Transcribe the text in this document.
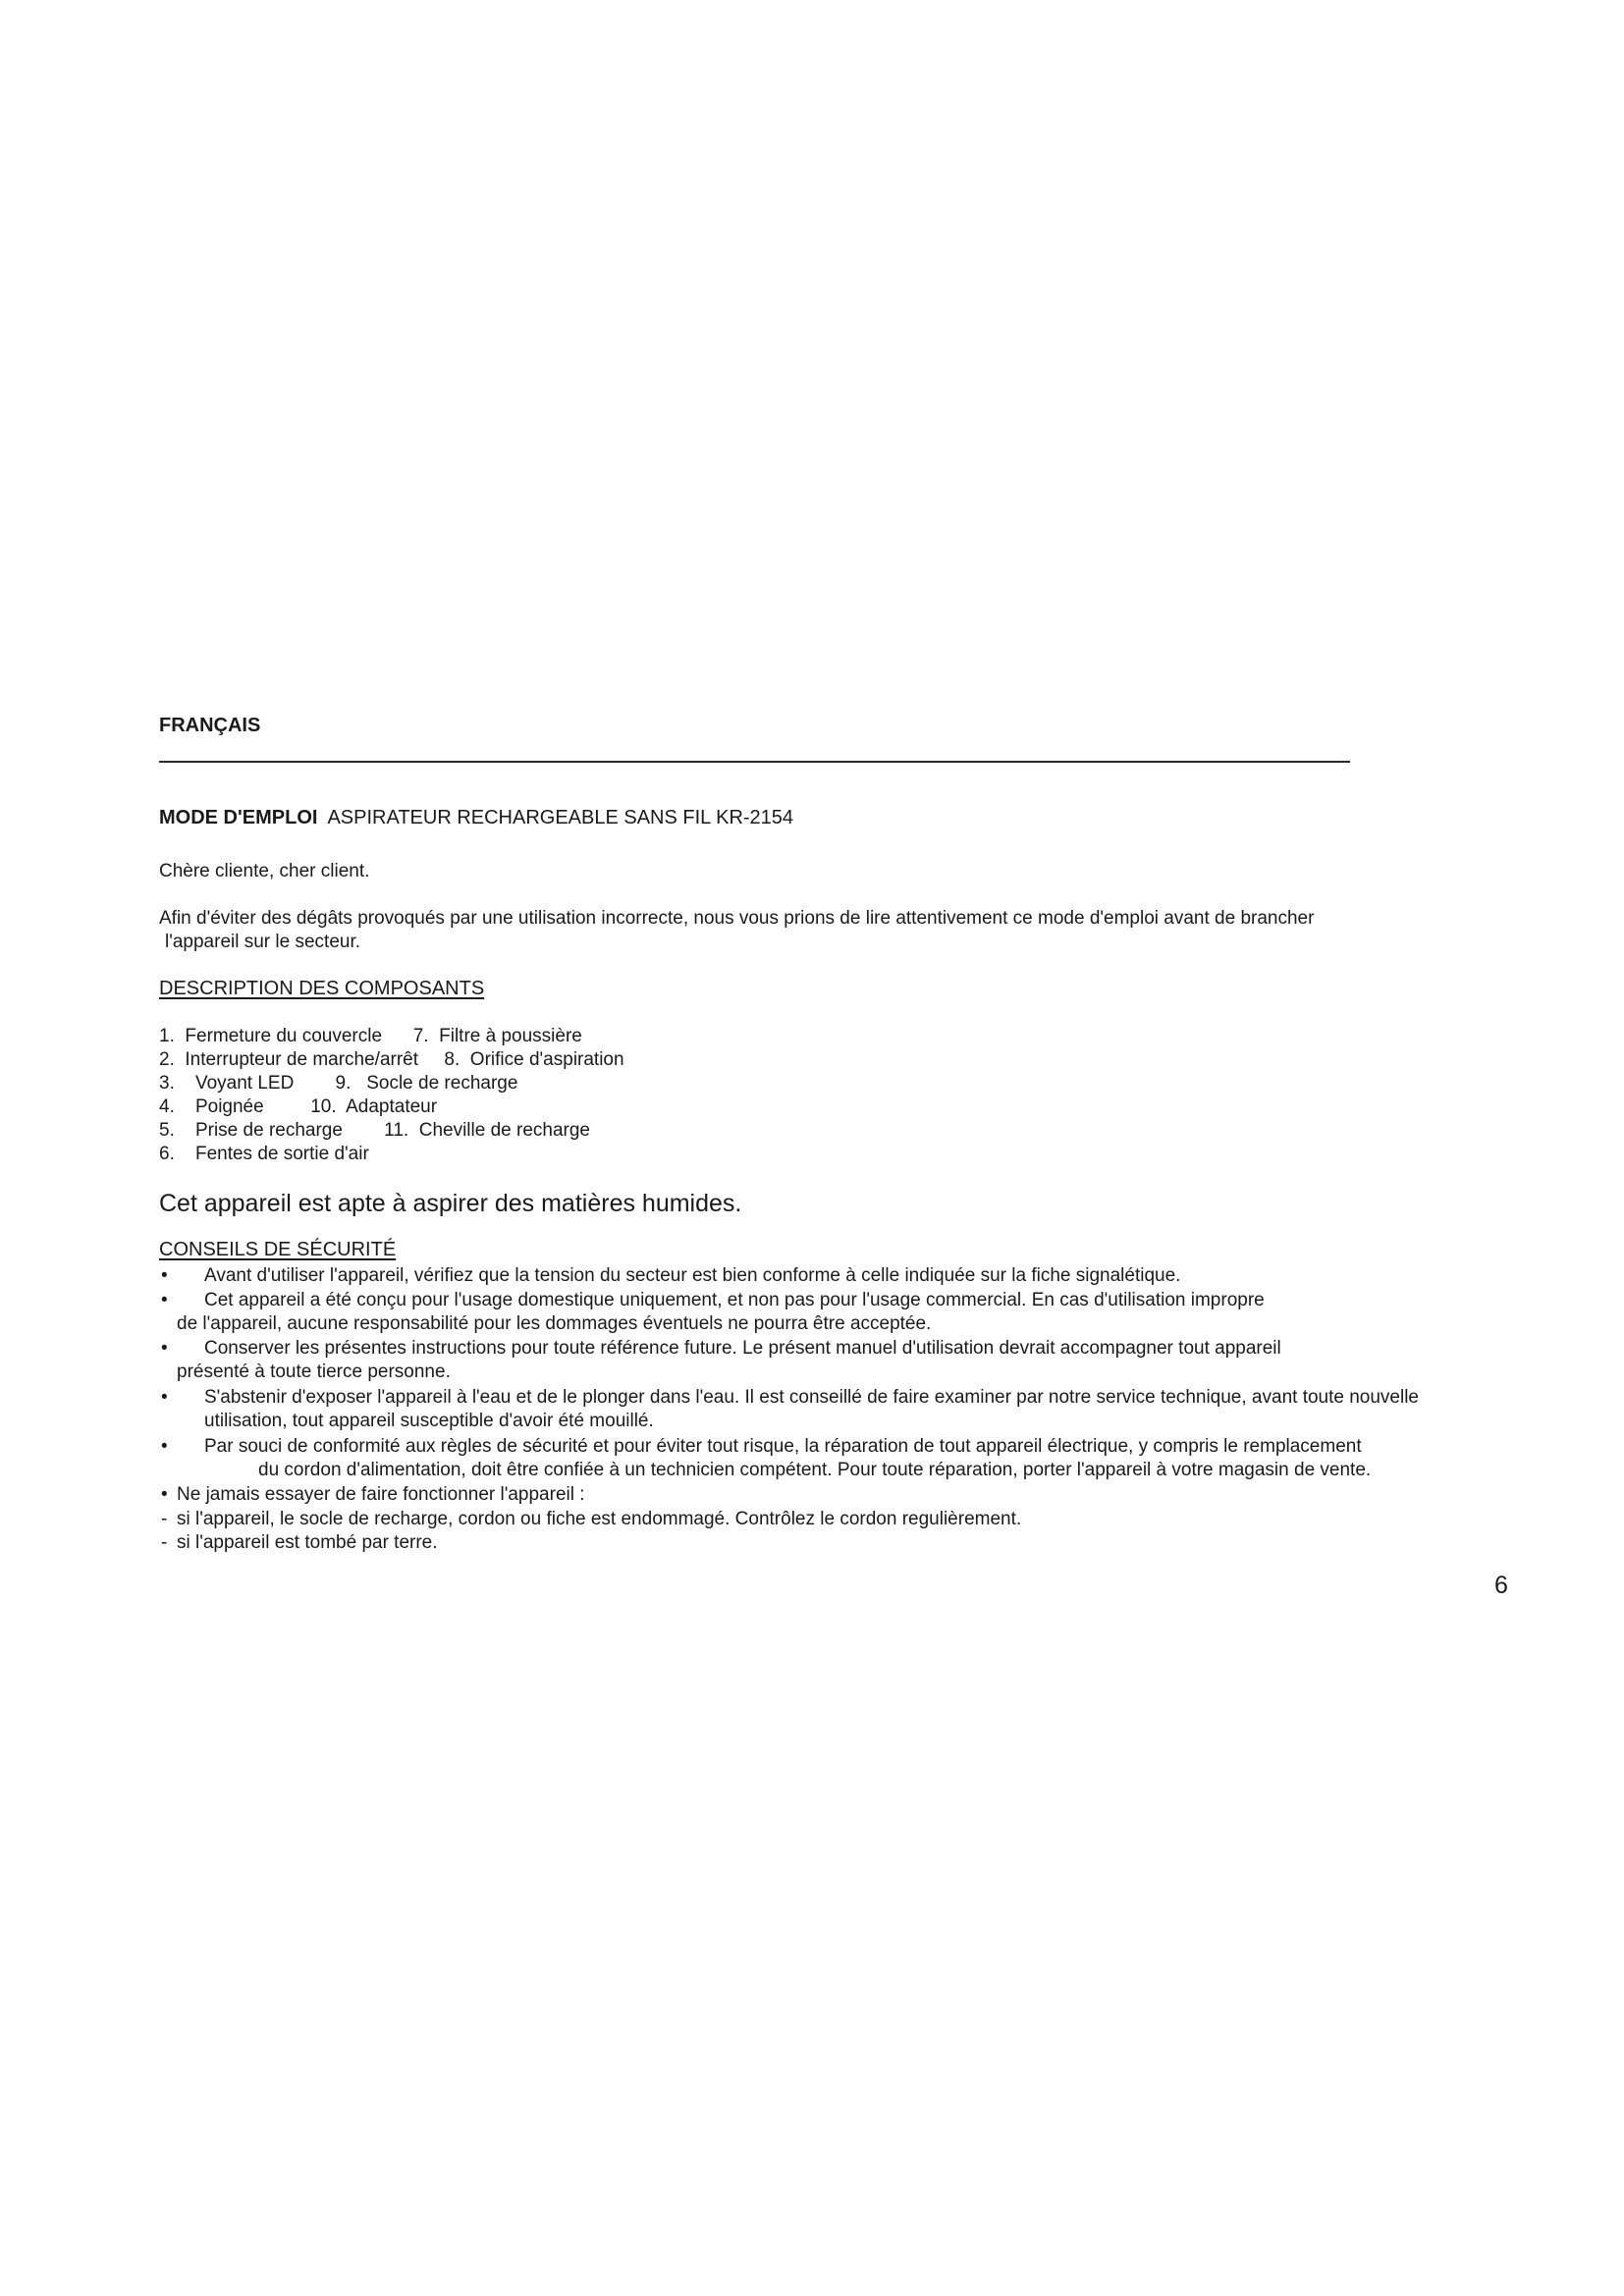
FRANÇAIS
MODE D'EMPLOI ASPIRATEUR RECHARGEABLE SANS FIL KR-2154
Chère cliente, cher client.
Afin d'éviter des dégâts provoqués par une utilisation incorrecte, nous vous prions de lire attentivement ce mode d'emploi avant de brancher
l'appareil sur le secteur.
DESCRIPTION DES COMPOSANTS
1.  Fermeture du couvercle      7.  Filtre à poussière
2.  Interrupteur de marche/arrêt     8.  Orifice d'aspiration
3.    Voyant LED        9.   Socle de recharge
4.    Poignée         10.  Adaptateur
5.    Prise de recharge        11.  Cheville de recharge
6.    Fentes de sortie d'air
Cet appareil est apte à aspirer des matières humides.
CONSEILS DE SÉCURITÉ
• Avant d'utiliser l'appareil, vérifiez que la tension du secteur est bien conforme à celle indiquée sur la fiche signalétique.
• Cet appareil a été conçu pour l'usage domestique uniquement, et non pas pour l'usage commercial. En cas d'utilisation impropre
de l'appareil, aucune responsabilité pour les dommages éventuels ne pourra être acceptée.
• Conserver les présentes instructions pour toute référence future. Le présent manuel d'utilisation devrait accompagner tout appareil
présenté à toute tierce personne.
• S'abstenir d'exposer l'appareil à l'eau et de le plonger dans l'eau. Il est conseillé de faire examiner par notre service technique, avant toute nouvelle
utilisation, tout appareil susceptible d'avoir été mouillé.
• Par souci de conformité aux règles de sécurité et pour éviter tout risque, la réparation de tout appareil électrique, y compris le remplacement
du cordon d'alimentation, doit être confiée à un technicien compétent. Pour toute réparation, porter l'appareil à votre magasin de vente.
• Ne jamais essayer de faire fonctionner l'appareil :
- si l'appareil, le socle de recharge, cordon ou fiche est endommagé. Contrôlez le cordon regulièrement.
- si l'appareil est tombé par terre.
6
